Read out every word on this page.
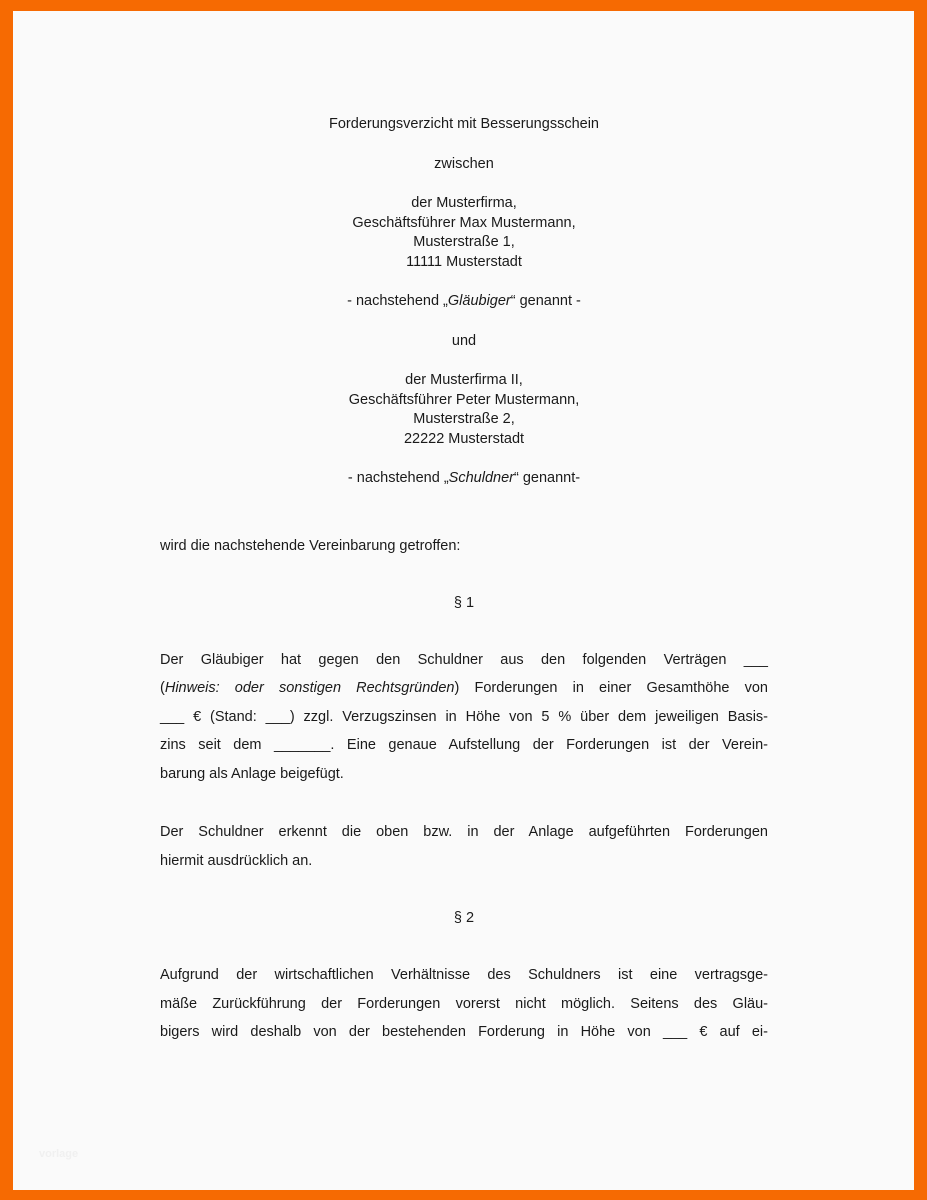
Forderungsverzicht mit Besserungsschein
zwischen
der Musterfirma,
Geschäftsführer Max Mustermann,
Musterstraße 1,
11111 Musterstadt
- nachstehend „Gläubiger“ genannt -
und
der Musterfirma II,
Geschäftsführer Peter Mustermann,
Musterstraße 2,
22222 Musterstadt
- nachstehend „Schuldner“ genannt-
wird die nachstehende Vereinbarung getroffen:
§ 1
Der Gläubiger hat gegen den Schuldner aus den folgenden Verträgen ___
(Hinweis: oder sonstigen Rechtsgründen) Forderungen in einer Gesamthöhe von
___ € (Stand: ___) zzgl. Verzugszinsen in Höhe von 5 % über dem jeweiligen Basis-
zins seit dem _______. Eine genaue Aufstellung der Forderungen ist der Verein-
barung als Anlage beigefügt.
Der Schuldner erkennt die oben bzw. in der Anlage aufgeführten Forderungen
hiermit ausdrücklich an.
§ 2
Aufgrund der wirtschaftlichen Verhältnisse des Schuldners ist eine vertragsge-
mäße Zurückführung der Forderungen vorerst nicht möglich. Seitens des Gläu-
bigers wird deshalb von der bestehenden Forderung in Höhe von ___ € auf ei-
vorlage
